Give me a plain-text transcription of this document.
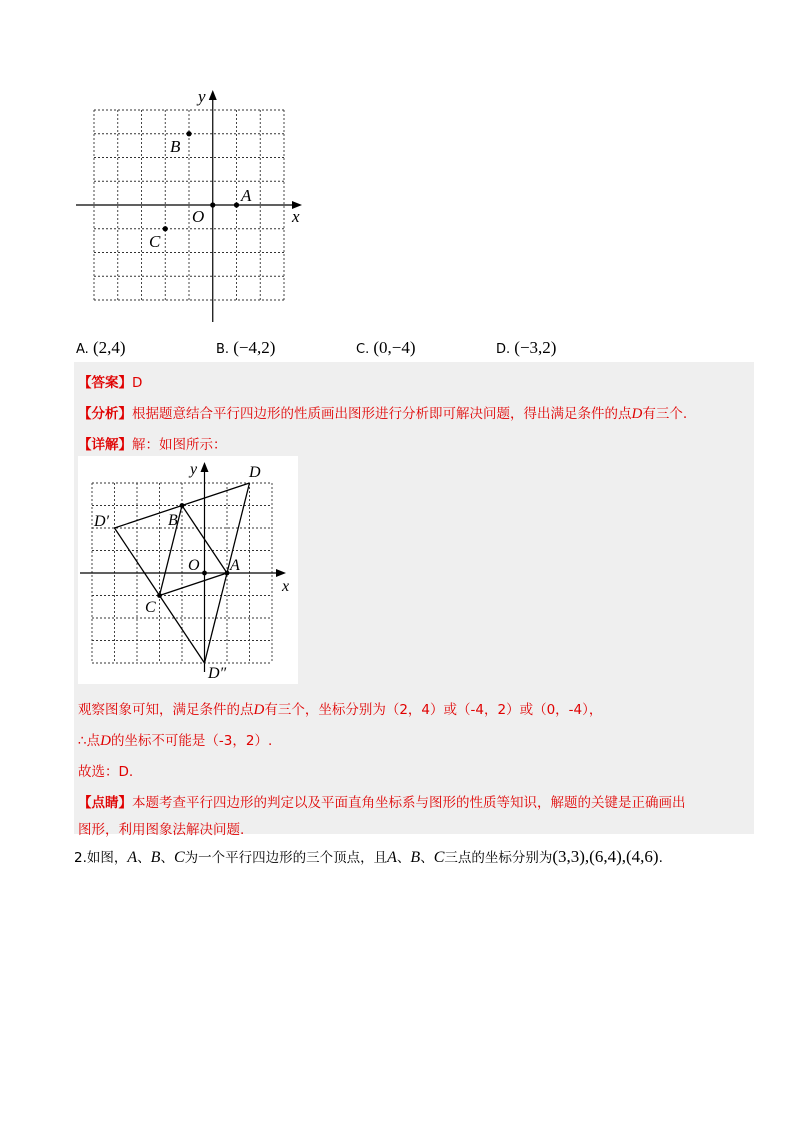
x
y
O
A
B
C
A. (2,4)	B. (−4,2)	C. (0,−4)	D. (−3,2)
【答案】D
【分析】根据题意结合平行四边形的性质画出图形进行分析即可解决问题，得出满足条件的点D有三个.
【详解】解：如图所示：
x
y
O A
B
C
D
D′
D″
观察图象可知，满足条件的点D有三个，坐标分别为（2，4）或（-4，2）或（0，-4），
∴点D的坐标不可能是（-3，2）.
故选：D.
【点睛】本题考查平行四边形的判定以及平面直角坐标系与图形的性质等知识，解题的关键是正确画出
图形，利用图象法解决问题.
2.如图，A、B、C为一个平行四边形的三个顶点，且A、B、C三点的坐标分别为(3,3),(6,4),(4,6).
